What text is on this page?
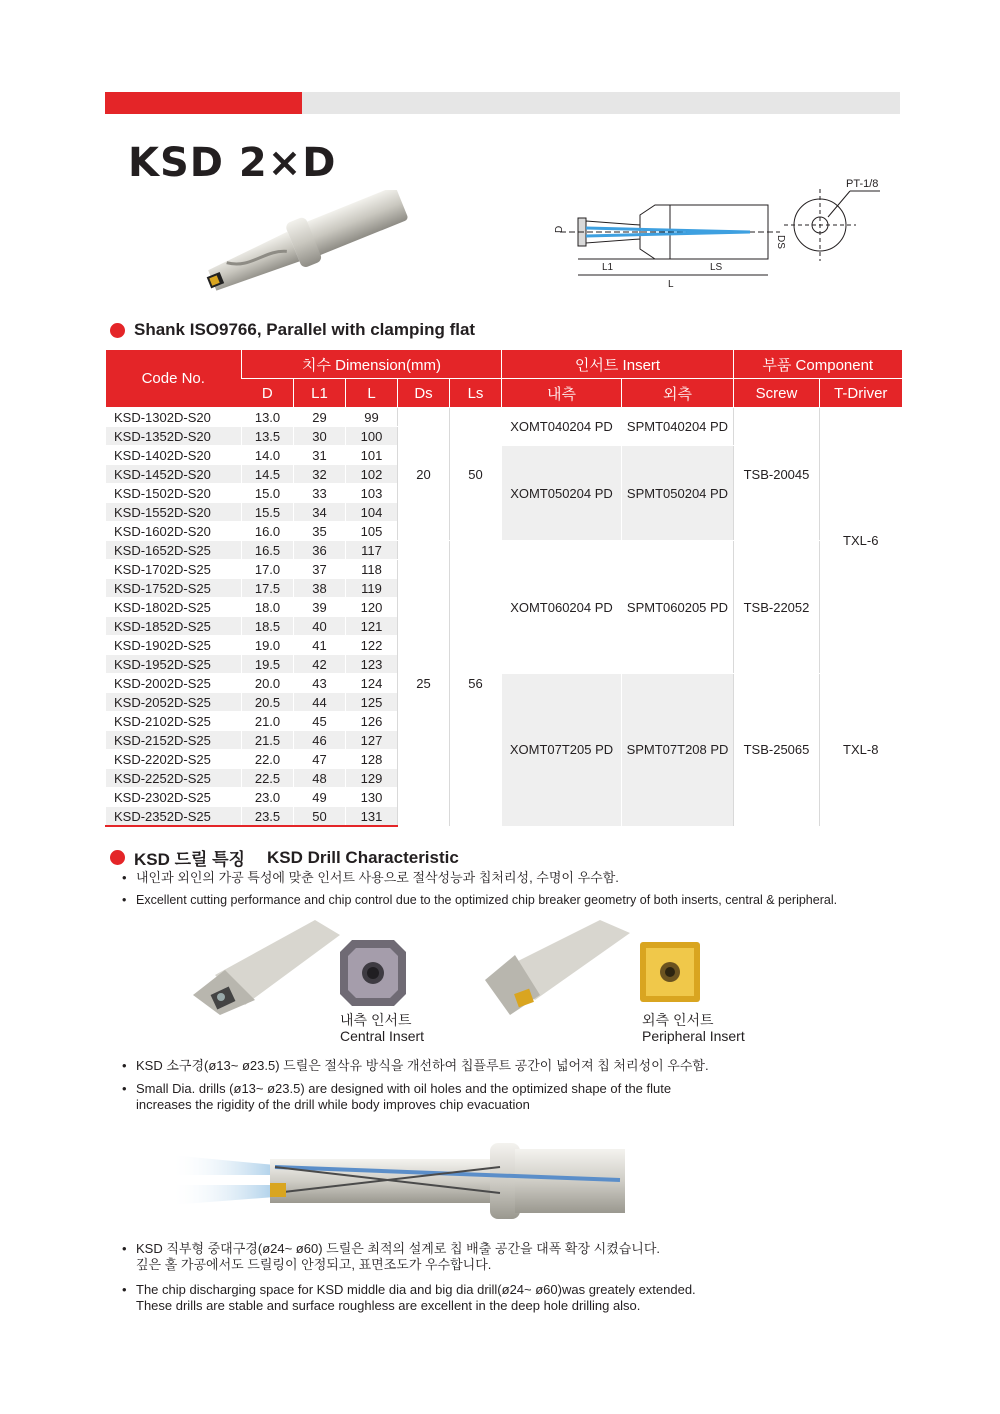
KSD 2×D	PT-1/8
D
DS
L1	LS
L
Shank ISO9766, Parallel with clamping flat
Code No.	치수 Dimension(mm)					인서트 Insert		부품 Component	
	D	L1	L	Ds	Ls	내측	외측	Screw	T-Driver
KSD-1302D-S20	13.0	29	99	20	50	XOMT040204 PD	SPMT040204 PD	TSB-20045	TXL-6
KSD-1352D-S20	13.5	30	100						
KSD-1402D-S20	14.0	31	101			XOMT050204 PD	SPMT050204 PD		
KSD-1452D-S20	14.5	32	102						
KSD-1502D-S20	15.0	33	103						
KSD-1552D-S20	15.5	34	104						
KSD-1602D-S20	16.0	35	105						
KSD-1652D-S25	16.5	36	117	25	56	XOMT060204 PD	SPMT060205 PD	TSB-22052	
KSD-1702D-S25	17.0	37	118						
KSD-1752D-S25	17.5	38	119						
KSD-1802D-S25	18.0	39	120						
KSD-1852D-S25	18.5	40	121						
KSD-1902D-S25	19.0	41	122						
KSD-1952D-S25	19.5	42	123						
KSD-2002D-S25	20.0	43	124			XOMT07T205 PD	SPMT07T208 PD	TSB-25065	TXL-8
KSD-2052D-S25	20.5	44	125						
KSD-2102D-S25	21.0	45	126						
KSD-2152D-S25	21.5	46	127						
KSD-2202D-S25	22.0	47	128						
KSD-2252D-S25	22.5	48	129						
KSD-2302D-S25	23.0	49	130						
KSD-2352D-S25	23.5	50	131						
KSD 드릴 특징 KSD Drill Characteristic
• 내인과 외인의 가공 특성에 맞춘 인서트 사용으로 절삭성능과 칩처리성, 수명이 우수함.
• Excellent cutting performance and chip control due to the optimized chip breaker geometry of both inserts, central & peripheral.
내측 인서트
Central Insert
외측 인서트
Peripheral Insert
• KSD 소구경(ø13~ ø23.5) 드릴은 절삭유 방식을 개선하여 칩플루트 공간이 넓어져 칩 처리성이 우수함.
• Small Dia. drills (ø13~ ø23.5) are designed with oil holes and the optimized shape of the flute
increases the rigidity of the drill while body improves chip evacuation
• KSD 직부형 중대구경(ø24~ ø60) 드릴은 최적의 설계로 칩 배출 공간을 대폭 확장 시켰습니다.
깊은 홀 가공에서도 드릴링이 안정되고, 표면조도가 우수합니다.
• The chip discharging space for KSD middle dia and big dia drill(ø24~ ø60)was greately extended.
These drills are stable and surface roughless are excellent in the deep hole drilling also.
